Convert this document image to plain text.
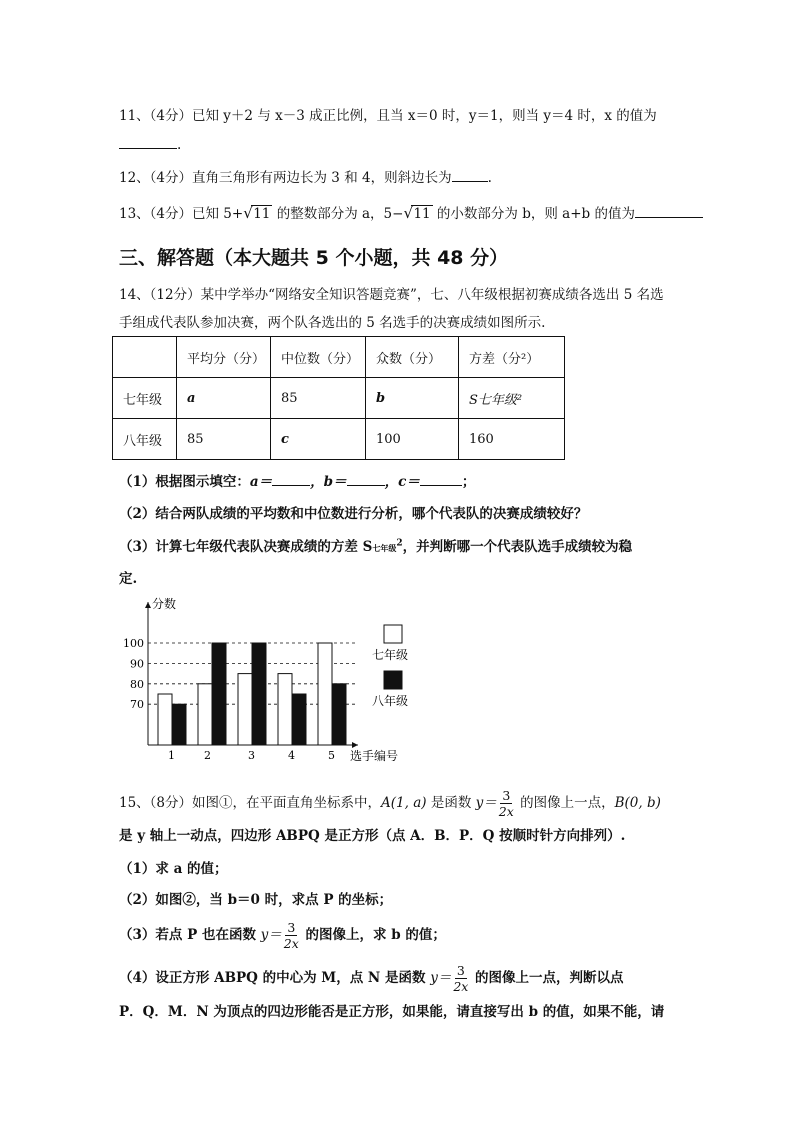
11、（4分）已知 y＋2 与 x－3 成正比例，且当 x＝0 时，y＝1，则当 y＝4 时，x 的值为
.
12、（4分）直角三角形有两边长为 3 和 4，则斜边长为	.
13、（4分）已知 5+ √ 11 的整数部分为 a，5− √ 11 的小数部分为 b，则 a+b 的值为
三、解答题（本大题共 5 个小题，共 48 分）
14、（12分）某中学举办“网络安全知识答题竞赛”，七、八年级根据初赛成绩各选出 5 名选
手组成代表队参加决赛，两个队各选出的 5 名选手的决赛成绩如图所示.
	平均分（分）	中位数（分）	众数（分）	方差（分²）
七年级	a	85	b	S七年级²
八年级	85	c	100	160
（1）根据图示填空：a＝	，b＝	，c＝	；
（2）结合两队成绩的平均数和中位数进行分析，哪个代表队的决赛成绩较好？
（3）计算七年级代表队决赛成绩的方差 S七年级$^2$，并判断哪一个代表队选手成绩较为稳
定.
分数
选手编号
70
80
90
100
1	2	3	4	5
七年级
八年级
15、（8分）如图①，在平面直角坐标系中，A(1, a) 是函数 $y= \frac{3}{2x}$ 的图像上一点，B(0, b)
是 y 轴上一动点，四边形 ABPQ 是正方形（点 A．B．P．Q 按顺时针方向排列）.
（1）求 a 的值；
（2）如图②，当 b＝0 时，求点 P 的坐标；
（3）若点 P 也在函数 $y= \frac{3}{2x}$ 的图像上，求 b 的值；
（4）设正方形 ABPQ 的中心为 M，点 N 是函数 $y= \frac{3}{2x}$ 的图像上一点，判断以点
P．Q．M．N 为顶点的四边形能否是正方形，如果能，请直接写出 b 的值，如果不能，请
